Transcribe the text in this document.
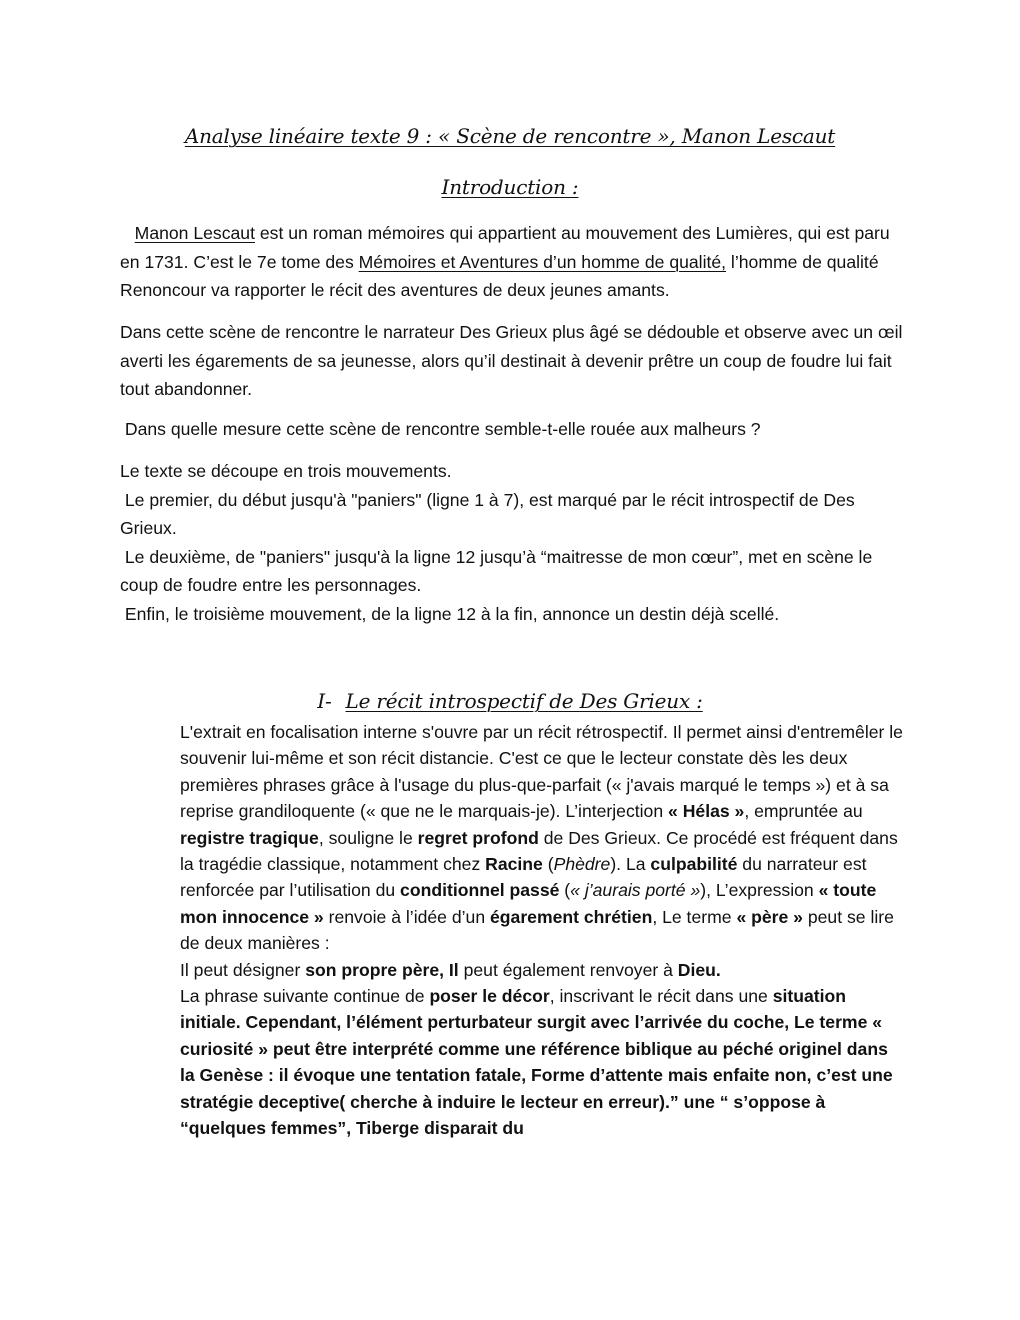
Analyse linéaire texte 9 : « Scène de rencontre », Manon Lescaut
Introduction :

Manon Lescaut est un roman mémoires qui appartient au mouvement des Lumières, qui est paru en 1731. C’est le 7e tome des Mémoires et Aventures d’un homme de qualité, l’homme de qualité Renoncour va rapporter le récit des aventures de deux jeunes amants.

Dans cette scène de rencontre le narrateur Des Grieux plus âgé se dédouble et observe avec un œil averti les égarements de sa jeunesse, alors qu’il destinait à devenir prêtre un coup de foudre lui fait tout abandonner.

Dans quelle mesure cette scène de rencontre semble-t-elle rouée aux malheurs ?

Le texte se découpe en trois mouvements.
Le premier, du début jusqu'à "paniers" (ligne 1 à 7), est marqué par le récit introspectif de Des Grieux.
Le deuxième, de "paniers" jusqu'à la ligne 12 jusqu’à “maitresse de mon cœur”, met en scène le coup de foudre entre les personnages.
Enfin, le troisième mouvement, de la ligne 12 à la fin, annonce un destin déjà scellé.
I- Le récit introspectif de Des Grieux :

L'extrait en focalisation interne s'ouvre par un récit rétrospectif. Il permet ainsi d'entremêler le souvenir lui-même et son récit distancie. C'est ce que le lecteur constate dès les deux premières phrases grâce à l'usage du plus-que-parfait (« j'avais marqué le temps ») et à sa reprise grandiloquente (« que ne le marquais-je). L’interjection « Hélas », empruntée au registre tragique, souligne le regret profond de Des Grieux. Ce procédé est fréquent dans la tragédie classique, notamment chez Racine (Phèdre). La culpabilité du narrateur est renforcée par l’utilisation du conditionnel passé (« j’aurais porté »), L’expression « toute mon innocence » renvoie à l’idée d’un égarement chrétien, Le terme « père » peut se lire de deux manières :

Il peut désigner son propre père, Il peut également renvoyer à Dieu.

La phrase suivante continue de poser le décor, inscrivant le récit dans une situation initiale. Cependant, l’élément perturbateur surgit avec l’arrivée du coche, Le terme « curiosité » peut être interprété comme une référence biblique au péché originel dans la Genèse : il évoque une tentation fatale, Forme d’attente mais enfaite non, c’est une stratégie deceptive( cherche à induire le lecteur en erreur).” une “ s’oppose à “quelques femmes”, Tiberge disparait du
